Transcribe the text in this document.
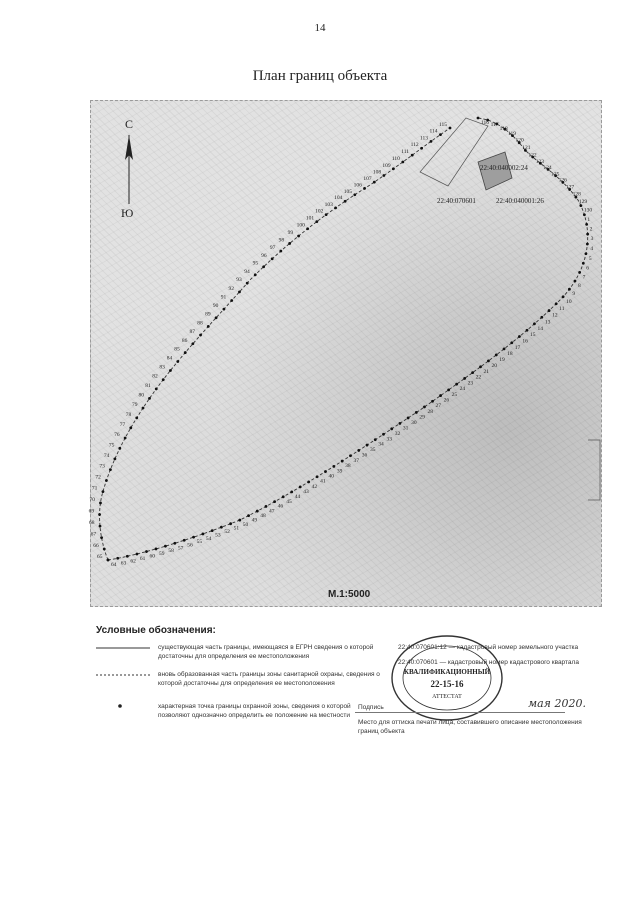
14
План границ объекта
64 63 62 61 60 59 58 57
56
55
54
53
52
51
50
49
48
47
46
45
44
43
42
41
40
39
38
37
36
35
34
33
32
31
30
29
28
27
26
25
24
23
22
21
20
19
18
17
16
15
14
13
12
11
10
9
8
7
6
5
4
3
2
1
130
129
128
127
126
125
124
123
122
121
120
119
118
117
116
65
66
67
68
69
70
71
72
73
74
75
76
77
78
79
80
81
82
83
84
85
86
87
88
89
90
91
92
93
94
95
96
97
98
99
100
101
102
103
104
105
106
107
108
109
110
111
112
113
114
115
22:40:040002:24
22:40:070601	22:40:040001:26
С
Ю
М.1:5000
Условные обозначения:
существующая часть границы, имеющаяся в ЕГРН сведения о которой достаточны для определения ее местоположения
вновь образованная часть границы зоны санитарной охраны, сведения о которой достаточны для определения ее местоположения
характерная точка границы охранной зоны, сведения о которой позволяют однозначно определить ее положение на местности
22:40:070601:12 — кадастровый номер земельного участка
22:40:070601 — кадастровый номер кадастрового квартала
КВАЛИФИКАЦИОННЫЙ
22-15-16
АТТЕСТАТ
Подпись	мая 2020.
Место для оттиска печати лица, составившего описание местоположения границ объекта
